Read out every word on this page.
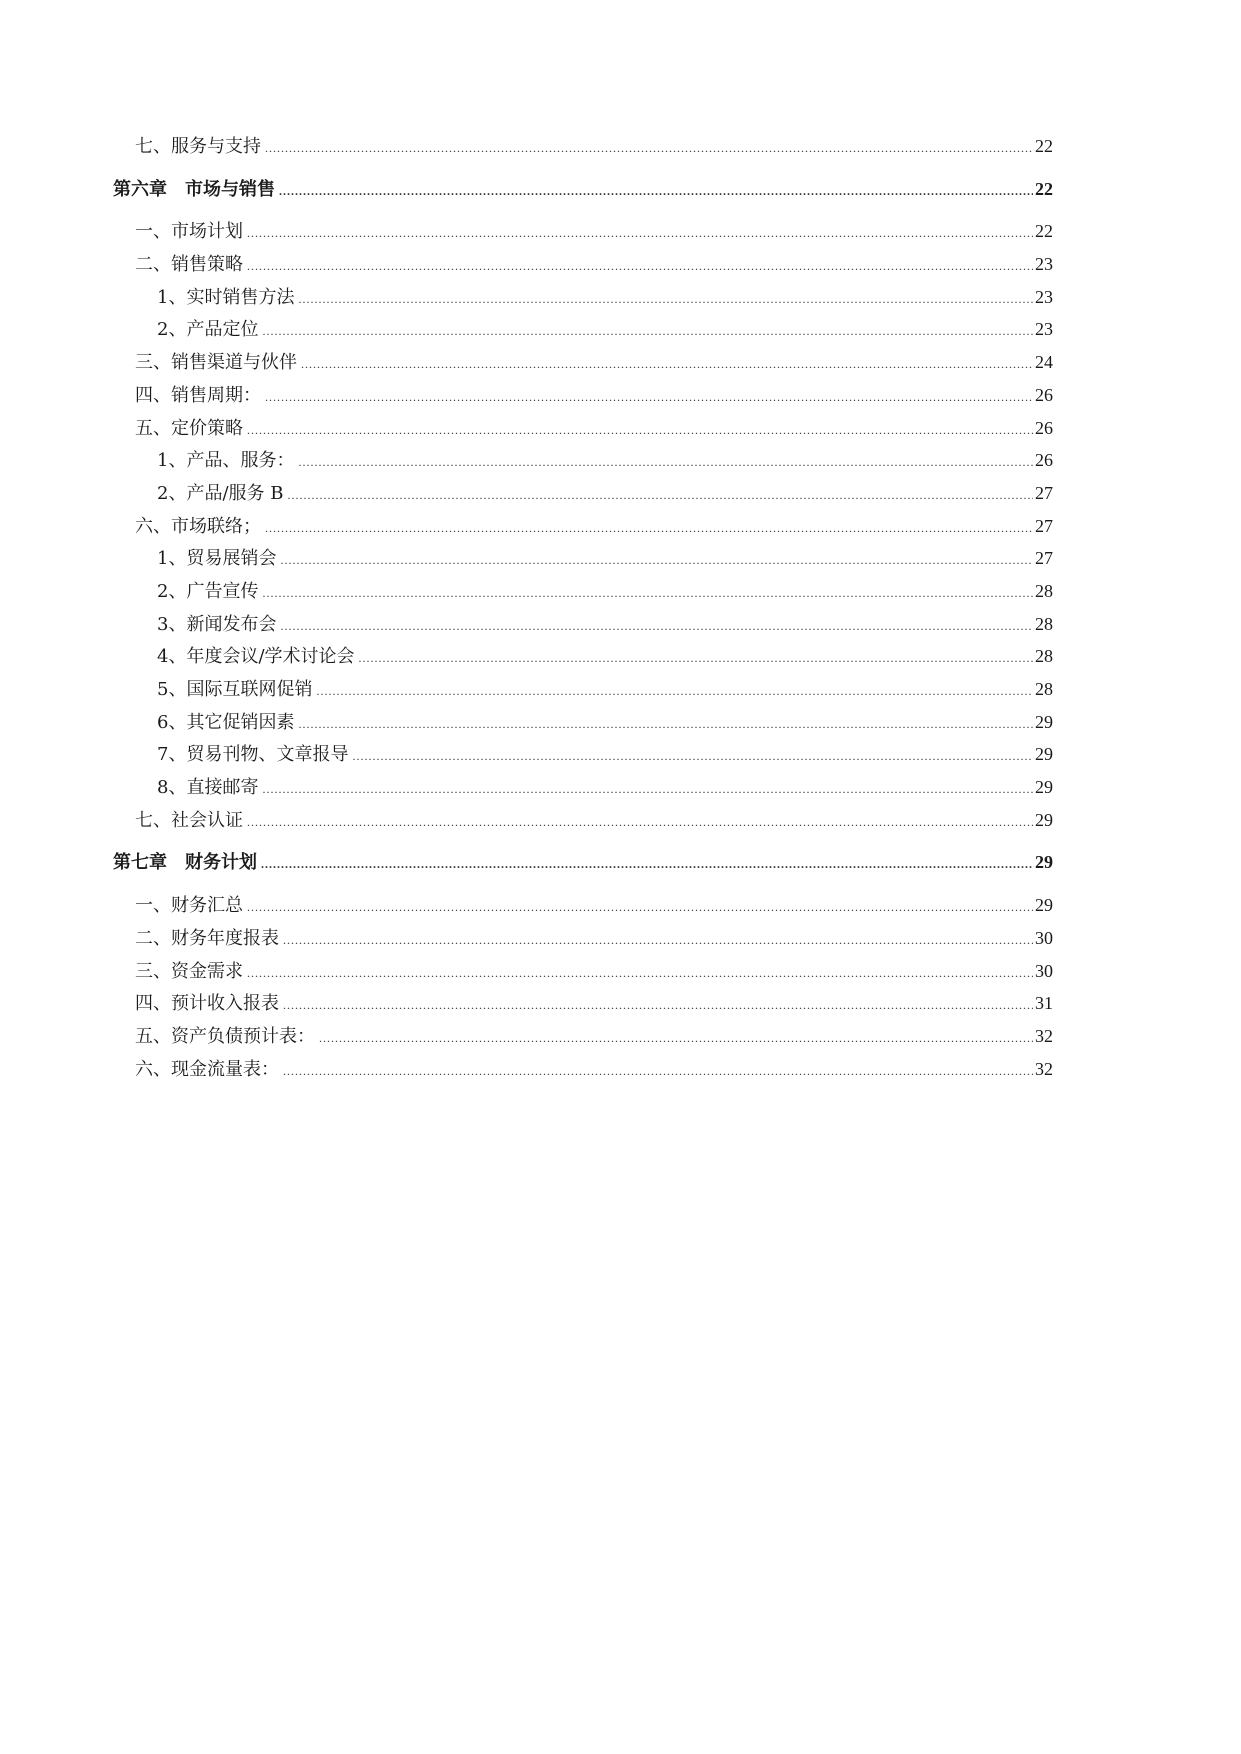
七、服务与支持 .....	22
第六章　市场与销售 .....	22
一、市场计划 .....	22
二、销售策略 .....	23
1、实时销售方法 .....	23
2、产品定位 .....	23
三、销售渠道与伙伴 .....	24
四、销售周期： .....	26
五、定价策略 .....	26
1、产品、服务： .....	26
2、产品/服务 B .....	27
六、市场联络； .....	27
1、贸易展销会 .....	27
2、广告宣传 .....	28
3、新闻发布会 .....	28
4、年度会议/学术讨论会 .....	28
5、国际互联网促销 .....	28
6、其它促销因素 .....	29
7、贸易刊物、文章报导 .....	29
8、直接邮寄 .....	29
七、社会认证 .....	29
第七章　财务计划 .....	29
一、财务汇总 .....	29
二、财务年度报表 .....	30
三、资金需求 .....	30
四、预计收入报表 .....	31
五、资产负债预计表： .....	32
六、现金流量表： .....	32
